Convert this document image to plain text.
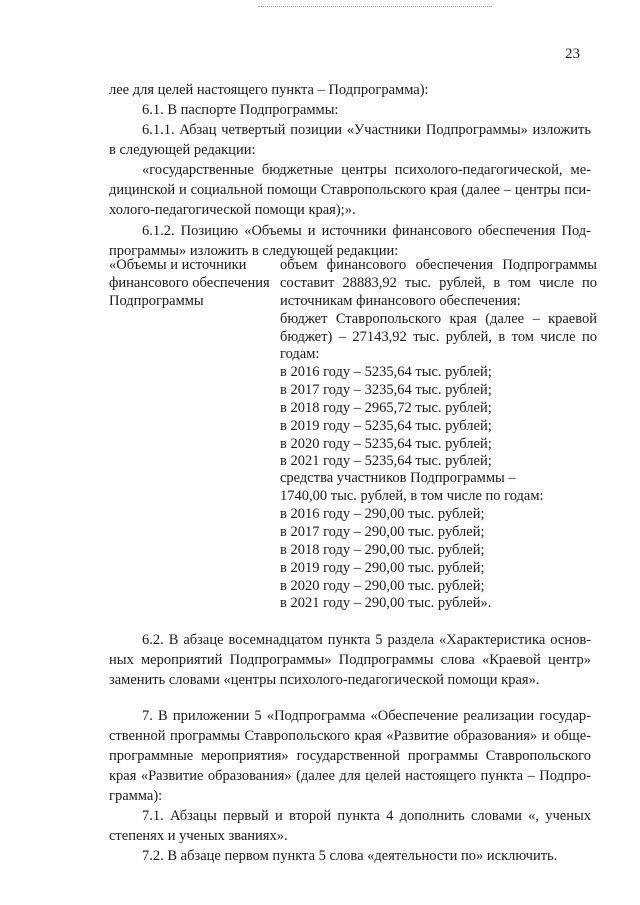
23
лее для целей настоящего пункта – Подпрограмма):
6.1. В паспорте Подпрограммы:
6.1.1. Абзац четвертый позиции «Участники Подпрограммы» изложить
в следующей редакции:
«государственные бюджетные центры психолого-педагогической, ме-
дицинской и социальной помощи Ставропольского края (далее – центры пси-
холого-педагогической помощи края);».
6.1.2. Позицию «Объемы и источники финансового обеспечения Под-
программы» изложить в следующей редакции:
«Объемы и источники
финансового обеспечения
Подпрограммы
объем финансового обеспечения Подпрограммы
составит 28883,92 тыс. рублей, в том числе по
источникам финансового обеспечения:
бюджет Ставропольского края (далее – краевой
бюджет) – 27143,92 тыс. рублей, в том числе по
годам:
в 2016 году – 5235,64 тыс. рублей;
в 2017 году – 3235,64 тыс. рублей;
в 2018 году – 2965,72 тыс. рублей;
в 2019 году – 5235,64 тыс. рублей;
в 2020 году – 5235,64 тыс. рублей;
в 2021 году – 5235,64 тыс. рублей;
средства участников Подпрограммы –
1740,00 тыс. рублей, в том числе по годам:
в 2016 году – 290,00 тыс. рублей;
в 2017 году – 290,00 тыс. рублей;
в 2018 году – 290,00 тыс. рублей;
в 2019 году – 290,00 тыс. рублей;
в 2020 году – 290,00 тыс. рублей;
в 2021 году – 290,00 тыс. рублей».
6.2. В абзаце восемнадцатом пункта 5 раздела «Характеристика основ-
ных мероприятий Подпрограммы» Подпрограммы слова «Краевой центр»
заменить словами «центры психолого-педагогической помощи края».
7. В приложении 5 «Подпрограмма «Обеспечение реализации государ-
ственной программы Ставропольского края «Развитие образования» и обще-
программные мероприятия» государственной программы Ставропольского
края «Развитие образования» (далее для целей настоящего пункта – Подпро-
грамма):
7.1. Абзацы первый и второй пункта 4 дополнить словами «, ученых
степенях и ученых званиях».
7.2. В абзаце первом пункта 5 слова «деятельности по» исключить.
